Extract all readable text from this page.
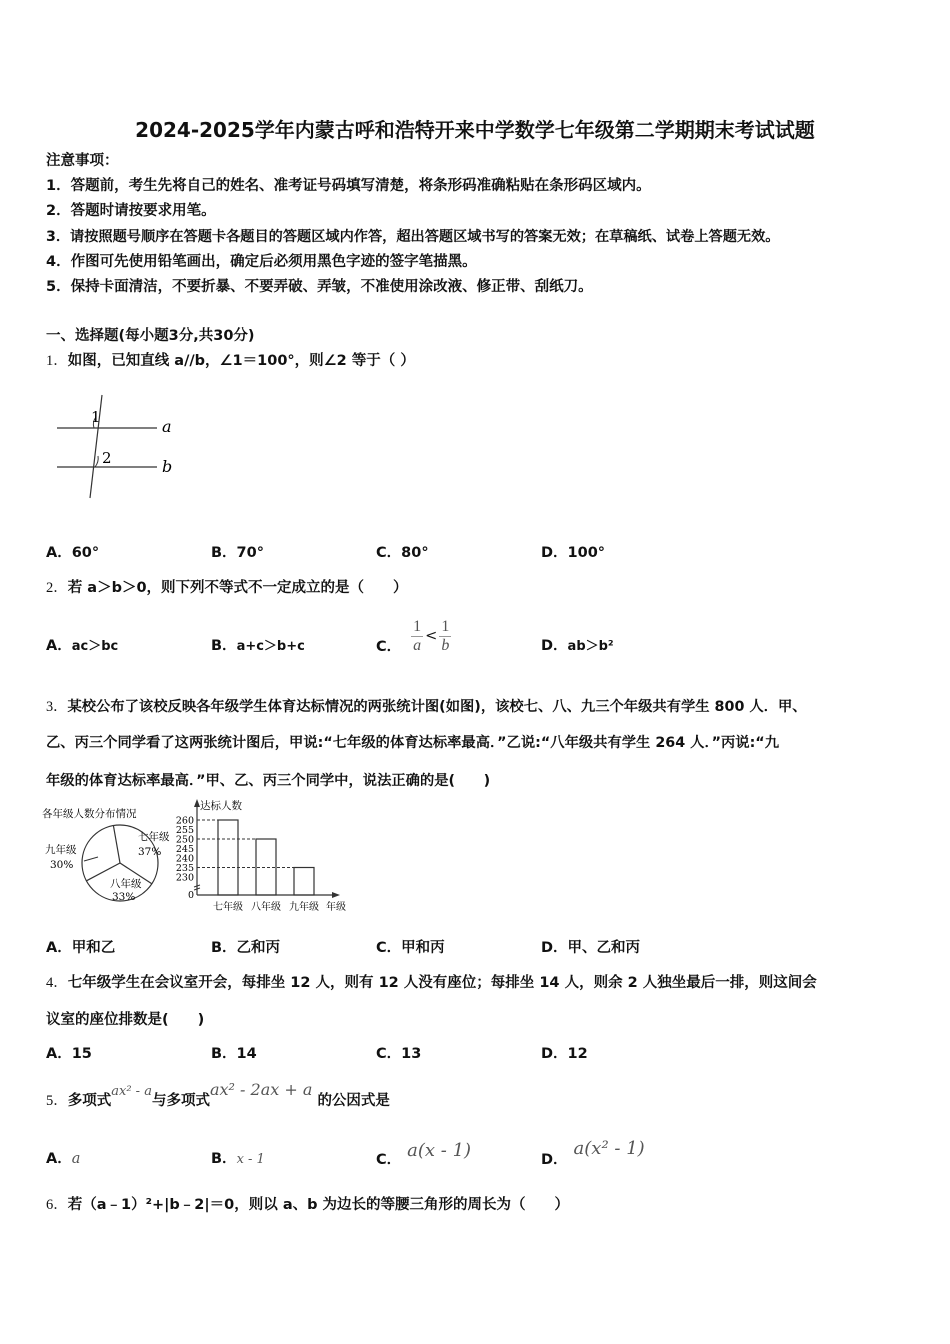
2024-2025学年内蒙古呼和浩特开来中学数学七年级第二学期期末考试试题
注意事项：
1．答题前，考生先将自己的姓名、准考证号码填写清楚，将条形码准确粘贴在条形码区域内。
2．答题时请按要求用笔。
3．请按照题号顺序在答题卡各题目的答题区域内作答，超出答题区域书写的答案无效；在草稿纸、试卷上答题无效。
4．作图可先使用铅笔画出，确定后必须用黑色字迹的签字笔描黑。
5．保持卡面清洁，不要折暴、不要弄破、弄皱，不准使用涂改液、修正带、刮纸刀。
一、选择题(每小题3分,共30分)
1．如图，已知直线 a//b，∠1＝100°，则∠2 等于（ ）
1
2
a
b
A．60°	B．70°	C．80°	D．100°
2．若 a＞b＞0，则下列不等式不一定成立的是（　　）
A．ac＞bc	B．a+c＞b+c	C． $\frac{1}{a} < \frac{1}{b}$	D．ab＞b²
3．某校公布了该校反映各年级学生体育达标情况的两张统计图(如图)，该校七、八、九三个年级共有学生 800 人．甲、
乙、丙三个同学看了这两张统计图后，甲说:“七年级的体育达标率最高．”乙说:“八年级共有学生 264 人．”丙说:“九
年级的体育达标率最高．”甲、乙、丙三个同学中，说法正确的是(　　)
各年级人数分布情况
七年级
37%
八年级
33%
九年级
30%
达标人数
年级
0
230
235
240
245
250
255
260
七年级 八年级 九年级
A．甲和乙	B．乙和丙	C．甲和丙	D．甲、乙和丙
4．七年级学生在会议室开会，每排坐 12 人，则有 12 人没有座位；每排坐 14 人，则余 2 人独坐最后一排，则这间会
议室的座位排数是(　　)
A．15	B．14	C．13	D．12
5．多项式ax² - a与多项式ax² - 2ax + a 的公因式是
A．a	B．x - 1	C． a(x - 1)	D．a(x² - 1)
6．若（a﹣1）²+|b﹣2|＝0，则以 a、b 为边长的等腰三角形的周长为（　　）
